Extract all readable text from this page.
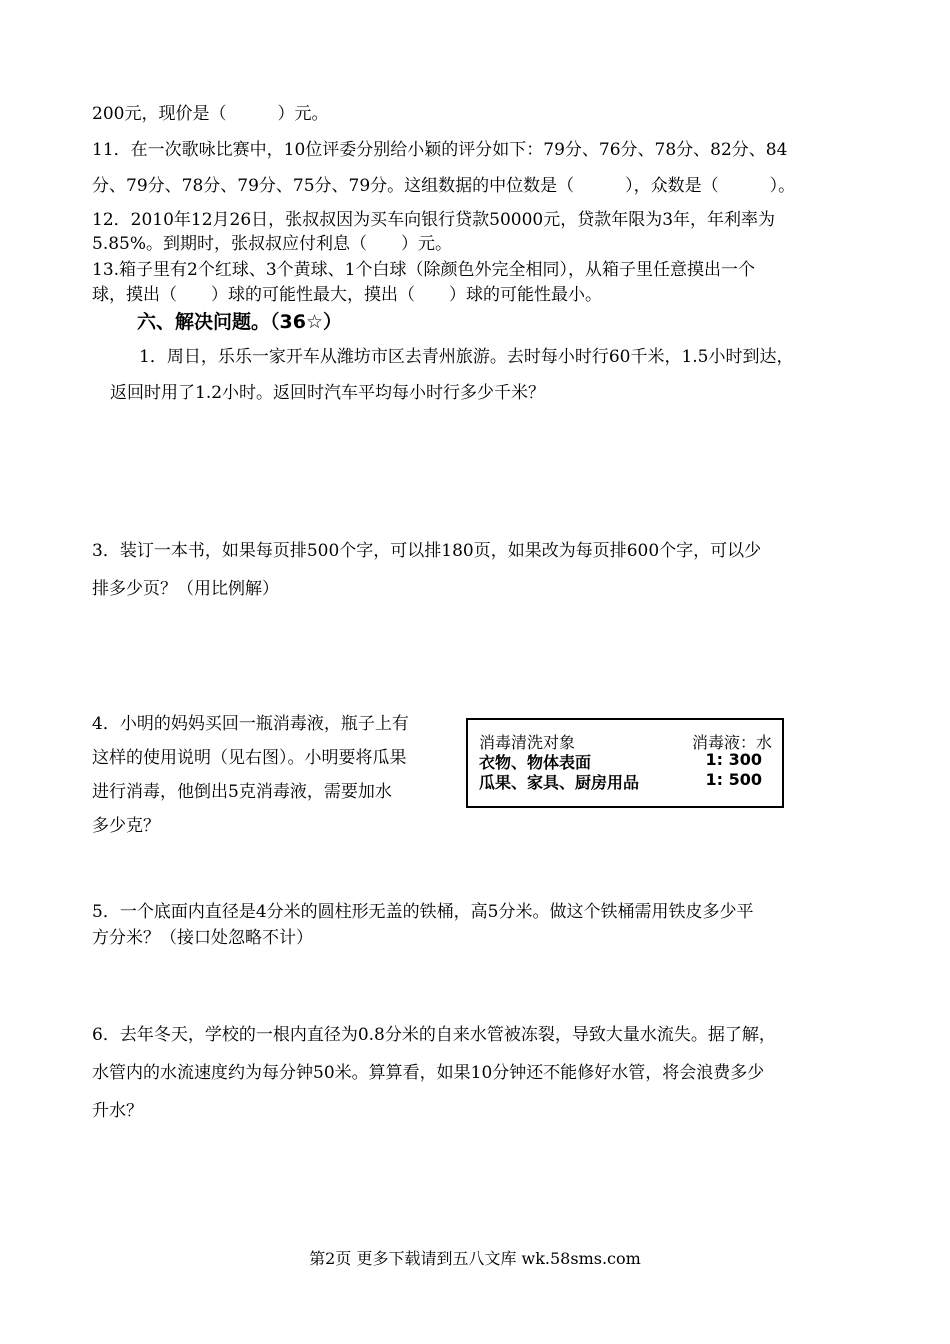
200元，现价是（　　　）元。
11．在一次歌咏比赛中，10位评委分别给小颖的评分如下：79分、76分、78分、82分、84
分、79分、78分、79分、75分、79分。这组数据的中位数是（　　　），众数是（　　　）。
12．2010年12月26日，张叔叔因为买车向银行贷款50000元，贷款年限为3年，年利率为
5.85%。到期时，张叔叔应付利息（　　）元。
13.箱子里有2个红球、3个黄球、1个白球（除颜色外完全相同），从箱子里任意摸出一个
球，摸出（　　）球的可能性最大，摸出（　　）球的可能性最小。
六、解决问题。（36☆）
1．周日，乐乐一家开车从潍坊市区去青州旅游。去时每小时行60千米，1.5小时到达，
返回时用了1.2小时。返回时汽车平均每小时行多少千米？
3．装订一本书，如果每页排500个字，可以排180页，如果改为每页排600个字，可以少
排多少页？（用比例解）
4．小明的妈妈买回一瓶消毒液，瓶子上有
这样的使用说明（见右图）。小明要将瓜果
进行消毒，他倒出5克消毒液，需要加水
多少克？
消毒清洗对象	消毒液：水
衣物、物体表面	1: 300
瓜果、家具、厨房用品	1: 500
5．一个底面内直径是4分米的圆柱形无盖的铁桶，高5分米。做这个铁桶需用铁皮多少平
方分米？（接口处忽略不计）
6．去年冬天，学校的一根内直径为0.8分米的自来水管被冻裂，导致大量水流失。据了解，
水管内的水流速度约为每分钟50米。算算看，如果10分钟还不能修好水管，将会浪费多少
升水？
第2页 更多下载请到五八文库 wk.58sms.com
